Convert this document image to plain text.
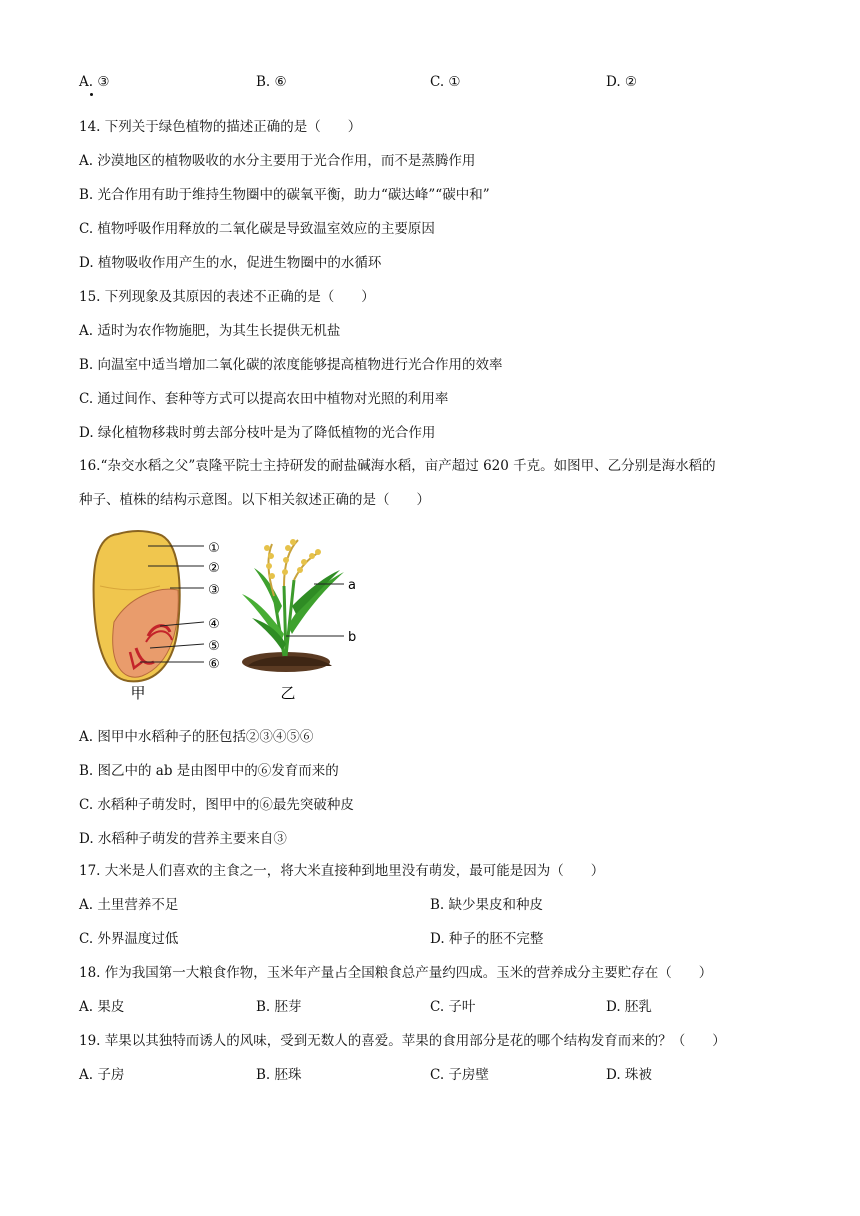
A. ③	B. ⑥	C. ①	D. ②
14. 下列关于绿色植物的描述正确的是（　　）
A. 沙漠地区的植物吸收的水分主要用于光合作用，而不是蒸腾作用
B. 光合作用有助于维持生物圈中的碳氧平衡，助力“碳达峰”“碳中和”
C. 植物呼吸作用释放的二氧化碳是导致温室效应的主要原因
D. 植物吸收作用产生的水，促进生物圈中的水循环
15. 下列现象及其原因的表述不正确的是（　　）
A. 适时为农作物施肥，为其生长提供无机盐
B. 向温室中适当增加二氧化碳的浓度能够提高植物进行光合作用的效率
C. 通过间作、套种等方式可以提高农田中植物对光照的利用率
D. 绿化植物移栽时剪去部分枝叶是为了降低植物的光合作用
16.“杂交水稻之父”袁隆平院士主持研发的耐盐碱海水稻，亩产超过 620 千克。如图甲、乙分别是海水稻的
种子、植株的结构示意图。以下相关叙述正确的是（　　）
①
②
③
④
⑤
⑥
甲
a
b
乙
A. 图甲中水稻种子的胚包括②③④⑤⑥
B. 图乙中的 ab 是由图甲中的⑥发育而来的
C. 水稻种子萌发时，图甲中的⑥最先突破种皮
D. 水稻种子萌发的营养主要来自③
17. 大米是人们喜欢的主食之一，将大米直接种到地里没有萌发，最可能是因为（　　）
A. 土里营养不足	B. 缺少果皮和种皮
C. 外界温度过低	D. 种子的胚不完整
18. 作为我国第一大粮食作物，玉米年产量占全国粮食总产量约四成。玉米的营养成分主要贮存在（　　）
A. 果皮	B. 胚芽	C. 子叶	D. 胚乳
19. 苹果以其独特而诱人的风味，受到无数人的喜爱。苹果的食用部分是花的哪个结构发育而来的？（　　）
A. 子房	B. 胚珠	C. 子房壁	D. 珠被
